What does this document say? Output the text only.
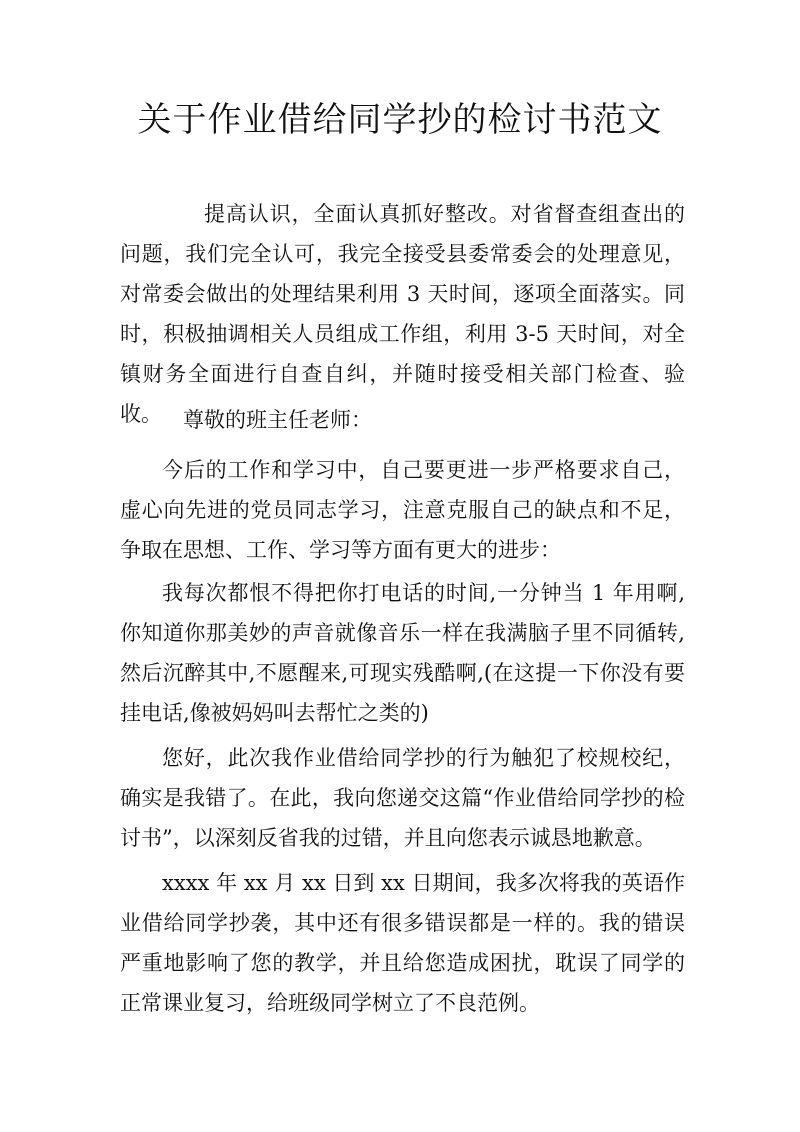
关于作业借给同学抄的检讨书范文

提高认识，全面认真抓好整改。对省督查组查出的问题，我们完全认可，我完全接受县委常委会的处理意见，对常委会做出的处理结果利用 3 天时间，逐项全面落实。同时，积极抽调相关人员组成工作组，利用 3-5 天时间，对全镇财务全面进行自查自纠，并随时接受相关部门检查、验收。	尊敬的班主任老师：

今后的工作和学习中，自己要更进一步严格要求自己，虚心向先进的党员同志学习，注意克服自己的缺点和不足，争取在思想、工作、学习等方面有更大的进步：

我每次都恨不得把你打电话的时间,一分钟当 1 年用啊,你知道你那美妙的声音就像音乐一样在我满脑子里不同循转,然后沉醉其中,不愿醒来,可现实残酷啊,(在这提一下你没有要挂电话,像被妈妈叫去帮忙之类的)

您好，此次我作业借给同学抄的行为触犯了校规校纪，确实是我错了。在此，我向您递交这篇“作业借给同学抄的检讨书”，以深刻反省我的过错，并且向您表示诚恳地歉意。

xxxx 年 xx 月 xx 日到 xx 日期间，我多次将我的英语作业借给同学抄袭，其中还有很多错误都是一样的。我的错误严重地影响了您的教学，并且给您造成困扰，耽误了同学的正常课业复习，给班级同学树立了不良范例。
